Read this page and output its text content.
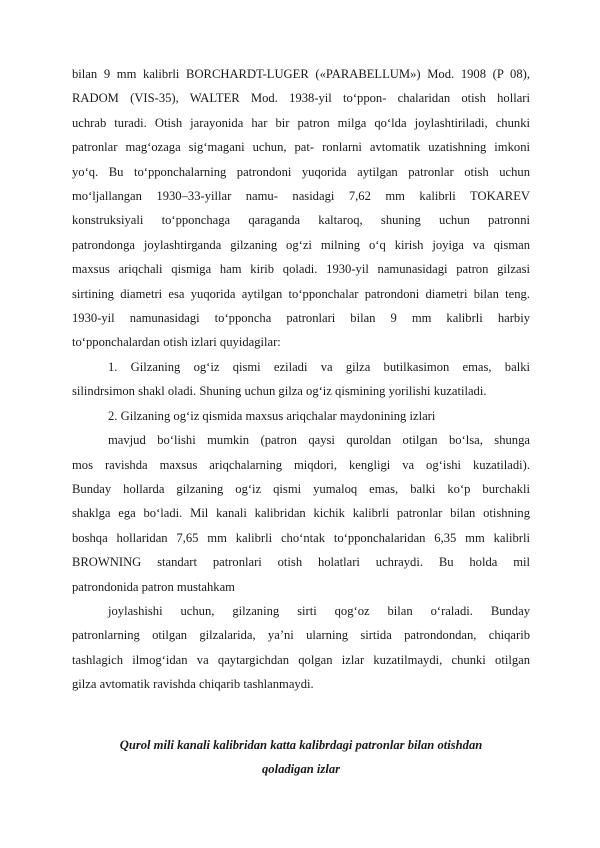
bilan 9 mm kalibrli BORCHARDT-LUGER («PARABELLUM») Mod. 1908 (P 08),
RADOM (VIS-35), WALTER Mod. 1938-yil to‘ppon- chalaridan otish hollari
uchrab turadi. Otish jarayonida har bir patron milga qo‘lda joylashtiriladi, chunki
patronlar mag‘ozaga sig‘magani uchun, pat- ronlarni avtomatik uzatishning imkoni
yo‘q. Bu to‘pponchalarning patrondoni yuqorida aytilgan patronlar otish uchun
mo‘ljallangan 1930–33-yillar namu- nasidagi 7,62 mm kalibrli TOKAREV
konstruksiyali to‘pponchaga qaraganda kaltaroq, shuning uchun patronni
patrondonga joylashtirganda gilzaning og‘zi milning o‘q kirish joyiga va qisman
maxsus ariqchali qismiga ham kirib qoladi. 1930-yil namunasidagi patron gilzasi
sirtining diametri esa yuqorida aytilgan to‘pponchalar patrondoni diametri bilan teng.
1930-yil namunasidagi to‘pponcha patronlari bilan 9 mm kalibrli harbiy
to‘pponchalardan otish izlari quyidagilar:
1. Gilzaning og‘iz qismi eziladi va gilza butilkasimon emas, balki
silindrsimon shakl oladi. Shuning uchun gilza og‘iz qismining yorilishi kuzatiladi.
2. Gilzaning og‘iz qismida maxsus ariqchalar maydonining izlari
mavjud bo‘lishi mumkin (patron qaysi quroldan otilgan bo‘lsa, shunga
mos ravishda maxsus ariqchalarning miqdori, kengligi va og‘ishi kuzatiladi).
Bunday hollarda gilzaning og‘iz qismi yumaloq emas, balki ko‘p burchakli
shaklga ega bo‘ladi. Mil kanali kalibridan kichik kalibrli patronlar bilan otishning
boshqa hollaridan 7,65 mm kalibrli cho‘ntak to‘pponchalaridan 6,35 mm kalibrli
BROWNING standart patronlari otish holatlari uchraydi. Bu holda mil
patrondonida patron mustahkam
joylashishi uchun, gilzaning sirti qog‘oz bilan o‘raladi. Bunday
patronlarning otilgan gilzalarida, ya’ni ularning sirtida patrondondan, chiqarib
tashlagich ilmog‘idan va qaytargichdan qolgan izlar kuzatilmaydi, chunki otilgan
gilza avtomatik ravishda chiqarib tashlanmaydi.
Qurol mili kanali kalibridan katta kalibrdagi patronlar bilan otishdan
qoladigan izlar
